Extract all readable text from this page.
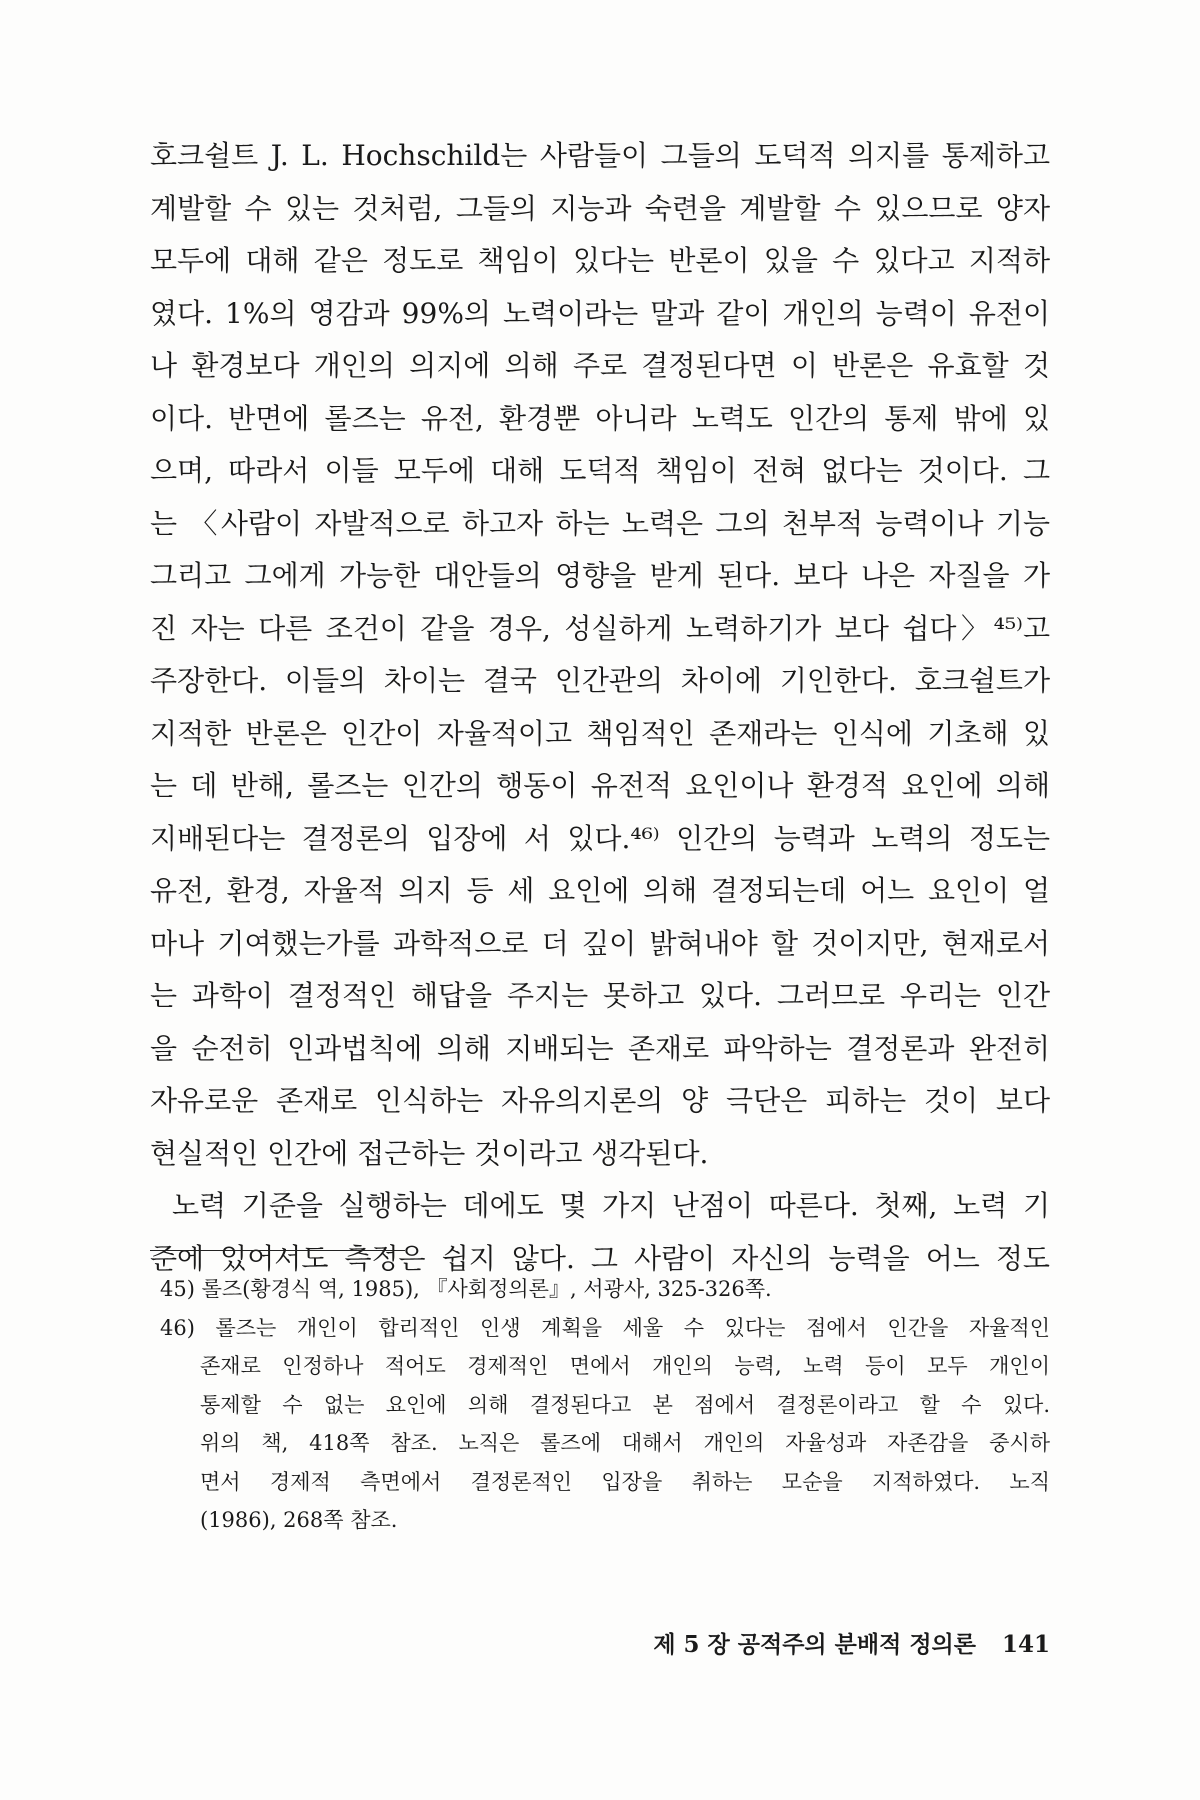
호크쉴트 J. L. Hochschild는 사람들이 그들의 도덕적 의지를 통제하고
계발할 수 있는 것처럼, 그들의 지능과 숙련을 계발할 수 있으므로 양자
모두에 대해 같은 정도로 책임이 있다는 반론이 있을 수 있다고 지적하
였다. 1%의 영감과 99%의 노력이라는 말과 같이 개인의 능력이 유전이
나 환경보다 개인의 의지에 의해 주로 결정된다면 이 반론은 유효할 것
이다. 반면에 롤즈는 유전, 환경뿐 아니라 노력도 인간의 통제 밖에 있
으며, 따라서 이들 모두에 대해 도덕적 책임이 전혀 없다는 것이다. 그
는 〈사람이 자발적으로 하고자 하는 노력은 그의 천부적 능력이나 기능
그리고 그에게 가능한 대안들의 영향을 받게 된다. 보다 나은 자질을 가
진 자는 다른 조건이 같을 경우, 성실하게 노력하기가 보다 쉽다〉⁴⁵⁾고
주장한다. 이들의 차이는 결국 인간관의 차이에 기인한다. 호크쉴트가
지적한 반론은 인간이 자율적이고 책임적인 존재라는 인식에 기초해 있
는 데 반해, 롤즈는 인간의 행동이 유전적 요인이나 환경적 요인에 의해
지배된다는 결정론의 입장에 서 있다.⁴⁶⁾ 인간의 능력과 노력의 정도는
유전, 환경, 자율적 의지 등 세 요인에 의해 결정되는데 어느 요인이 얼
마나 기여했는가를 과학적으로 더 깊이 밝혀내야 할 것이지만, 현재로서
는 과학이 결정적인 해답을 주지는 못하고 있다. 그러므로 우리는 인간
을 순전히 인과법칙에 의해 지배되는 존재로 파악하는 결정론과 완전히
자유로운 존재로 인식하는 자유의지론의 양 극단은 피하는 것이 보다
현실적인 인간에 접근하는 것이라고 생각된다.
노력 기준을 실행하는 데에도 몇 가지 난점이 따른다. 첫째, 노력 기
준에 있어서도 측정은 쉽지 않다. 그 사람이 자신의 능력을 어느 정도
45) 롤즈(황경식 역, 1985), 『사회정의론』, 서광사, 325-326쪽.
46) 롤즈는 개인이 합리적인 인생 계획을 세울 수 있다는 점에서 인간을 자율적인
존재로 인정하나 적어도 경제적인 면에서 개인의 능력, 노력 등이 모두 개인이
통제할 수 없는 요인에 의해 결정된다고 본 점에서 결정론이라고 할 수 있다.
위의 책, 418쪽 참조. 노직은 롤즈에 대해서 개인의 자율성과 자존감을 중시하
면서 경제적 측면에서 결정론적인 입장을 취하는 모순을 지적하였다. 노직
(1986), 268쪽 참조.
제 5 장 공적주의 분배적 정의론 141
